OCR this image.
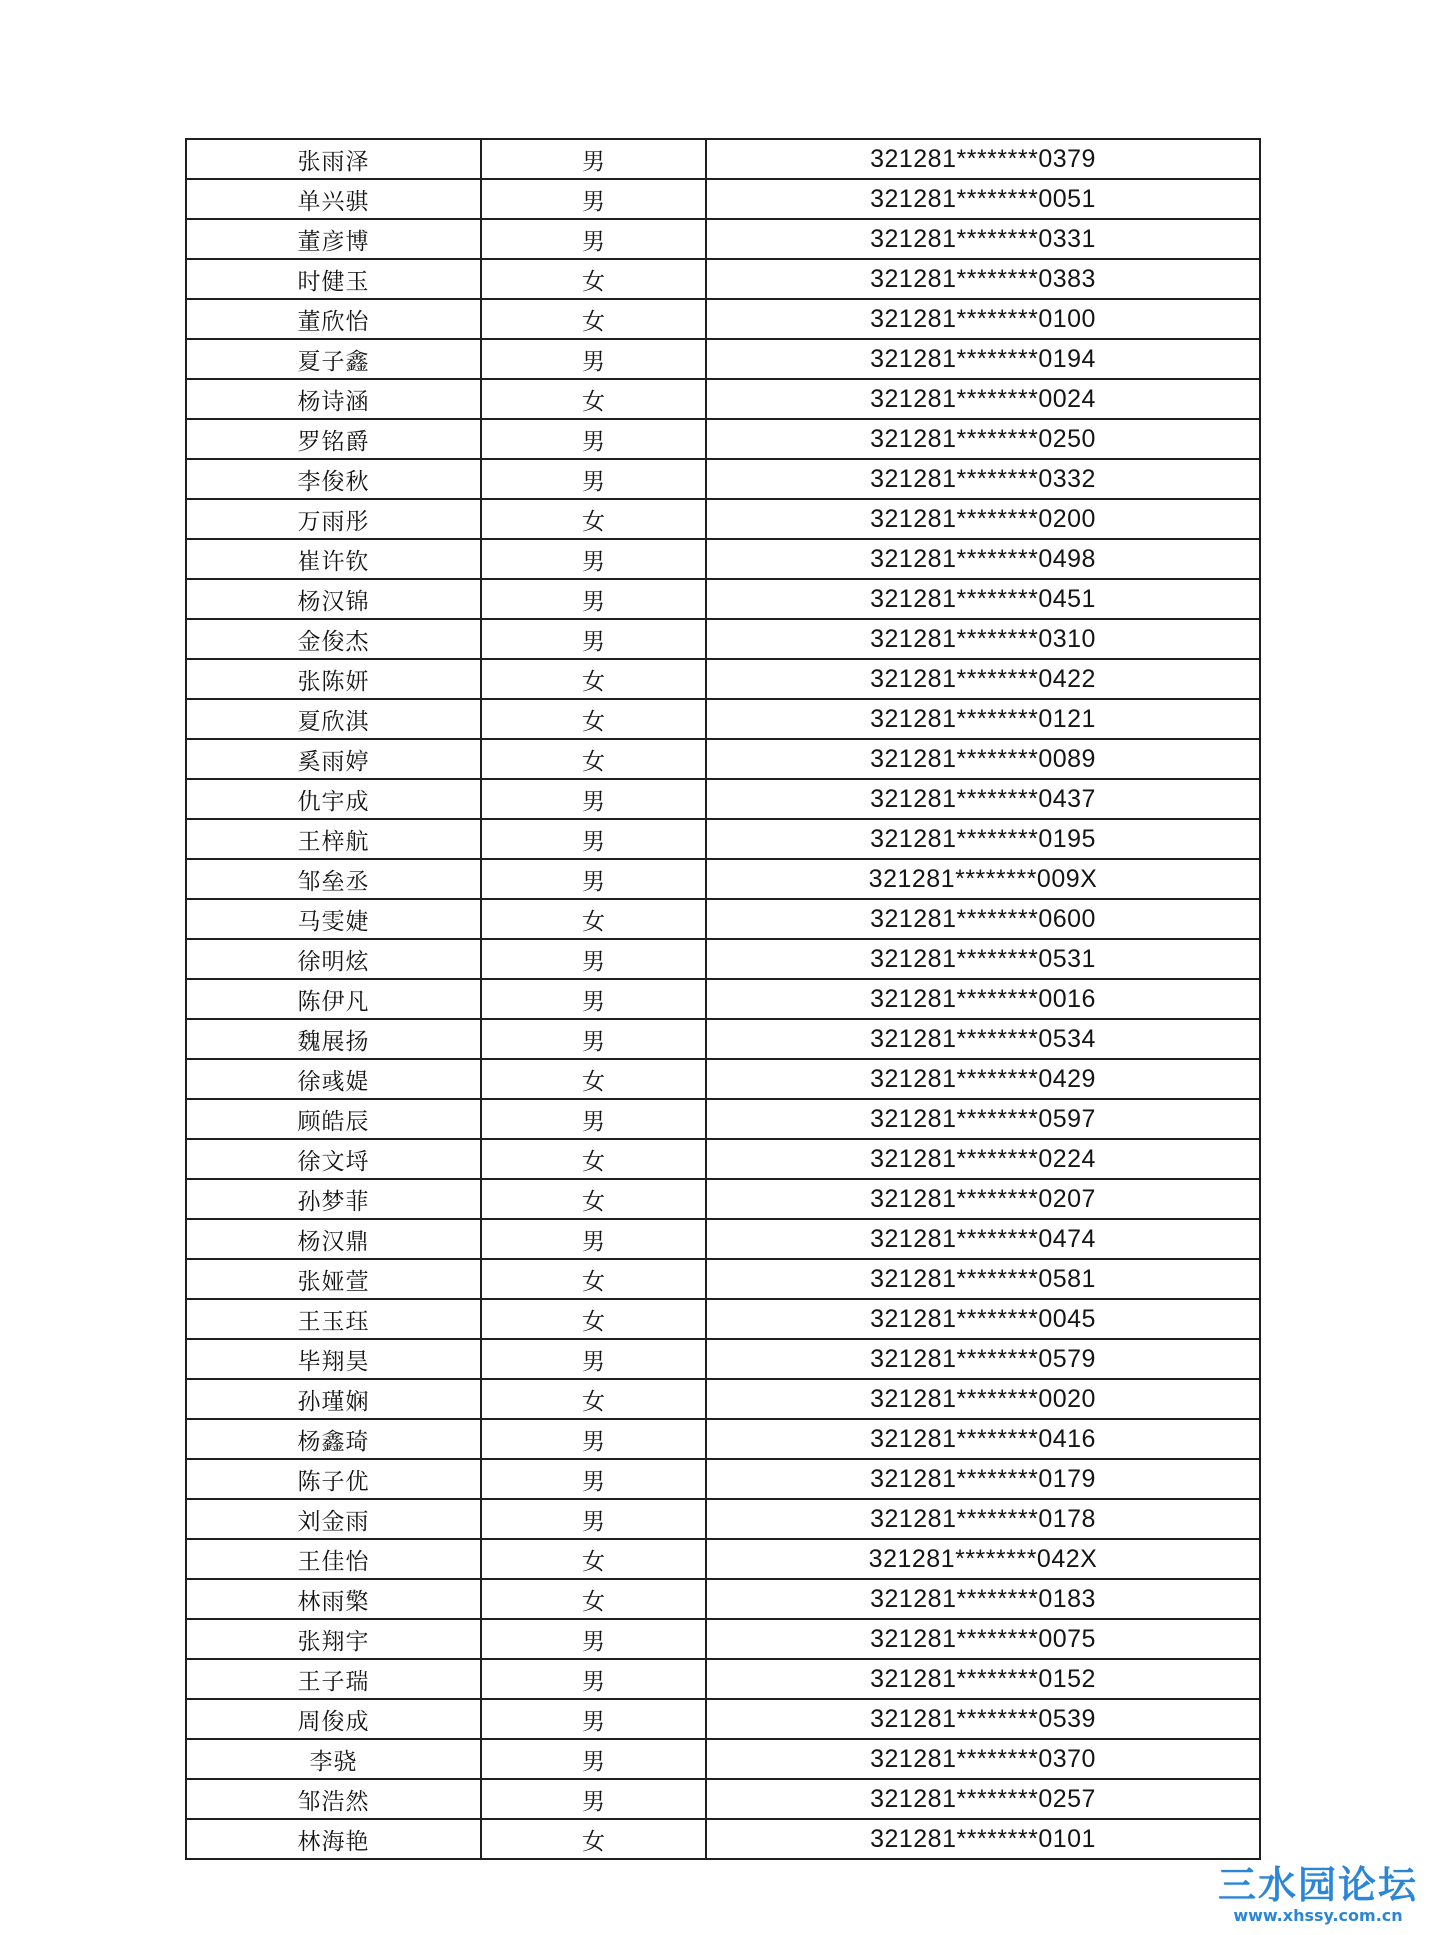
张雨泽	男	321281********0379
单兴骐	男	321281********0051
董彦博	男	321281********0331
时健玉	女	321281********0383
董欣怡	女	321281********0100
夏子鑫	男	321281********0194
杨诗涵	女	321281********0024
罗铭爵	男	321281********0250
李俊秋	男	321281********0332
万雨彤	女	321281********0200
崔许钦	男	321281********0498
杨汉锦	男	321281********0451
金俊杰	男	321281********0310
张陈妍	女	321281********0422
夏欣淇	女	321281********0121
奚雨婷	女	321281********0089
仇宇成	男	321281********0437
王梓航	男	321281********0195
邹垒丞	男	321281********009X
马雯婕	女	321281********0600
徐明炫	男	321281********0531
陈伊凡	男	321281********0016
魏展扬	男	321281********0534
徐彧媞	女	321281********0429
顾皓辰	男	321281********0597
徐文埒	女	321281********0224
孙梦菲	女	321281********0207
杨汉鼎	男	321281********0474
张娅萱	女	321281********0581
王玉珏	女	321281********0045
毕翔昊	男	321281********0579
孙瑾娴	女	321281********0020
杨鑫琦	男	321281********0416
陈子优	男	321281********0179
刘金雨	男	321281********0178
王佳怡	女	321281********042X
林雨檠	女	321281********0183
张翔宇	男	321281********0075
王子瑞	男	321281********0152
周俊成	男	321281********0539
李骁	男	321281********0370
邹浩然	男	321281********0257
林海艳	女	321281********0101
三水园论坛
www.xhssy.com.cn
